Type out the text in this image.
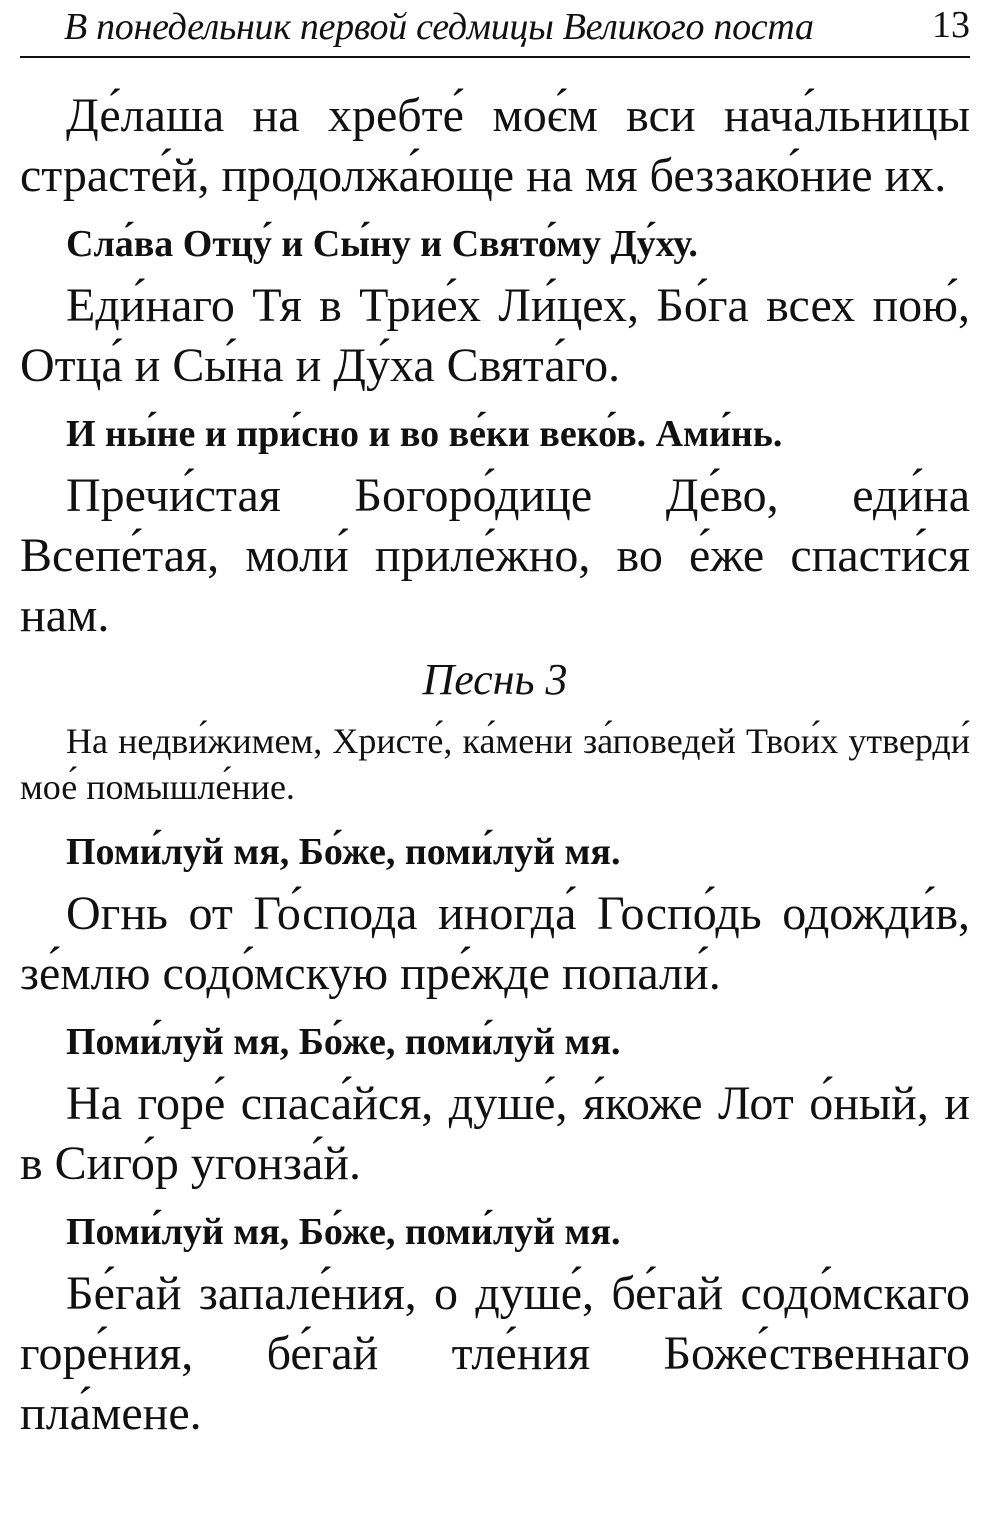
В понедельник первой седмицы Великого поста	13

Де́лаша на хребте́ моє́м вси нача́льницы страсте́й, продолжа́юще на мя беззако́ние их.

Сла́ва Отцу́ и Сы́ну и Свято́му Ду́ху.

Еди́наго Тя в Трие́х Ли́цех, Бо́га всех пою́, Отца́ и Сы́на и Ду́ха Свята́го.

И ны́не и при́сно и во ве́ки веко́в. Ами́нь.

Пречи́стая Богоро́дице Де́во, еди́на Всепе́тая, моли́ приле́жно, во е́же спасти́ся нам.

Песнь 3

На недви́жимем, Христе́, ка́мени за́поведей Твои́х утверди́ мое́ помышле́ние.

Поми́луй мя, Бо́же, поми́луй мя.

Огнь от Го́спода иногда́ Госпо́дь одожди́в, зе́млю содо́мскую пре́жде попали́.

Поми́луй мя, Бо́же, поми́луй мя.

На горе́ спаса́йся, душе́, я́коже Лот о́ный, и в Сиго́р угонза́й.

Поми́луй мя, Бо́же, поми́луй мя.

Бе́гай запале́ния, о душе́, бе́гай содо́мскаго горе́ния, бе́гай тле́ния Боже́ственнаго пла́мене.
